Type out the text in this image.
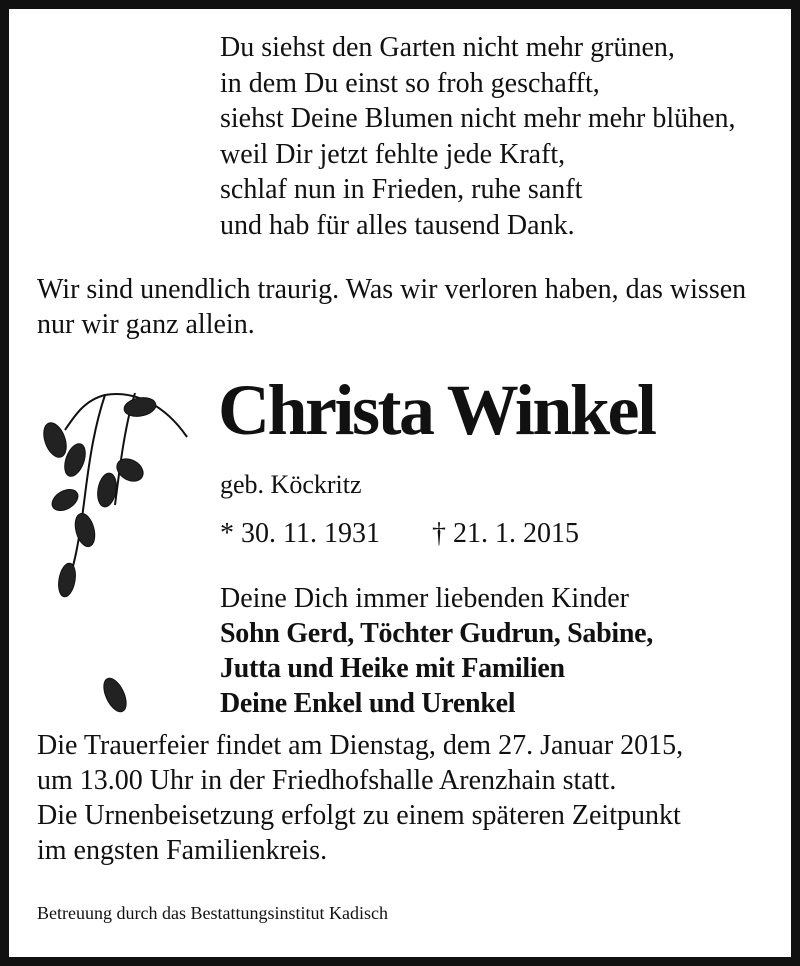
Du siehst den Garten nicht mehr grünen,
in dem Du einst so froh geschafft,
siehst Deine Blumen nicht mehr mehr blühen,
weil Dir jetzt fehlte jede Kraft,
schlaf nun in Frieden, ruhe sanft
und hab für alles tausend Dank.
Wir sind unendlich traurig. Was wir verloren haben, das wissen
nur wir ganz allein.
Christa Winkel
geb. Köckritz
* 30. 11. 1931 † 21. 1. 2015
Deine Dich immer liebenden Kinder
Sohn Gerd, Töchter Gudrun, Sabine,
Jutta und Heike mit Familien
Deine Enkel und Urenkel
Die Trauerfeier findet am Dienstag, dem 27. Januar 2015,
um 13.00 Uhr in der Friedhofshalle Arenzhain statt.
Die Urnenbeisetzung erfolgt zu einem späteren Zeitpunkt
im engsten Familienkreis.
Betreuung durch das Bestattungsinstitut Kadisch
